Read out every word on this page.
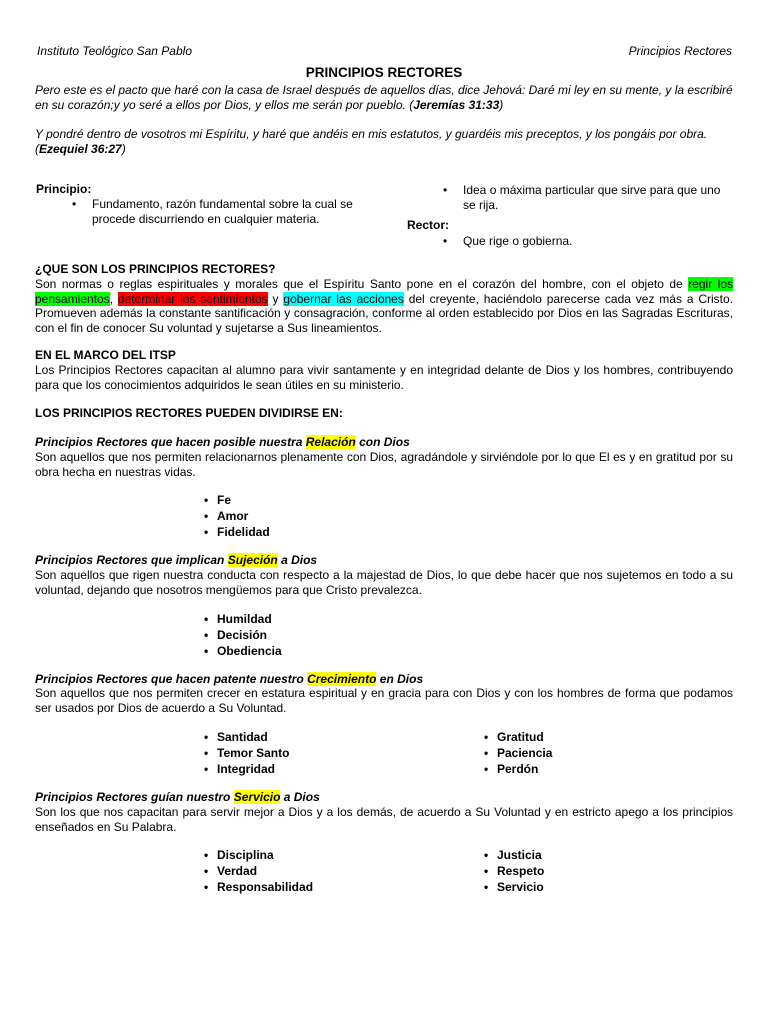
Instituto Teológico San Pablo	Principios Rectores
PRINCIPIOS RECTORES
Pero este es el pacto que haré con la casa de Israel después de aquellos días, dice Jehová: Daré mi ley en su mente, y la escribiré en su corazón;y yo seré a ellos por Dios, y ellos me serán por pueblo. (Jeremías 31:33)
Y pondré dentro de vosotros mi Espíritu, y haré que andéis en mis estatutos, y guardéis mis preceptos, y los pongáis por obra. (Ezequiel 36:27)
Principio:
• Fundamento, razón fundamental sobre la cual se procede discurriendo en cualquier materia.
• Idea o máxima particular que sirve para que uno se rija.
Rector:
• Que rige o gobierna.
¿QUE SON LOS PRINCIPIOS RECTORES?
Son normas o reglas espirituales y morales que el Espíritu Santo pone en el corazón del hombre, con el objeto de regir los pensamientos, determinar los sentimientos y gobernar las acciones del creyente, haciéndolo parecerse cada vez más a Cristo. Promueven además la constante santificación y consagración, conforme al orden establecido por Dios en las Sagradas Escrituras, con el fin de conocer Su voluntad y sujetarse a Sus lineamientos.
EN EL MARCO DEL ITSP
Los Principios Rectores capacitan al alumno para vivir santamente y en integridad delante de Dios y los hombres, contribuyendo para que los conocimientos adquiridos le sean útiles en su ministerio.
LOS PRINCIPIOS RECTORES PUEDEN DIVIDIRSE EN:
Principios Rectores que hacen posible nuestra Relación con Dios
Son aquellos que nos permiten relacionarnos plenamente con Dios, agradándole y sirviéndole por lo que El es y en gratitud por su obra hecha en nuestras vidas.
• Fe
• Amor
• Fidelidad
Principios Rectores que implican Sujeción a Dios
Son aquellos que rigen nuestra conducta con respecto a la majestad de Dios, lo que debe hacer que nos sujetemos en todo a su voluntad, dejando que nosotros mengüemos para que Cristo prevalezca.
• Humildad
• Decisión
• Obediencia
Principios Rectores que hacen patente nuestro Crecimiento en Dios
Son aquellos que nos permiten crecer en estatura espiritual y en gracia para con Dios y con los hombres de forma que podamos ser usados por Dios de acuerdo a Su Voluntad.
• Santidad
• Temor Santo
• Integridad
• Gratitud
• Paciencia
• Perdón
Principios Rectores guían nuestro Servicio a Dios
Son los que nos capacitan para servir mejor a Dios y a los demás, de acuerdo a Su Voluntad y en estricto apego a los principios enseñados en Su Palabra.
• Disciplina
• Verdad
• Responsabilidad
• Justicia
• Respeto
• Servicio
